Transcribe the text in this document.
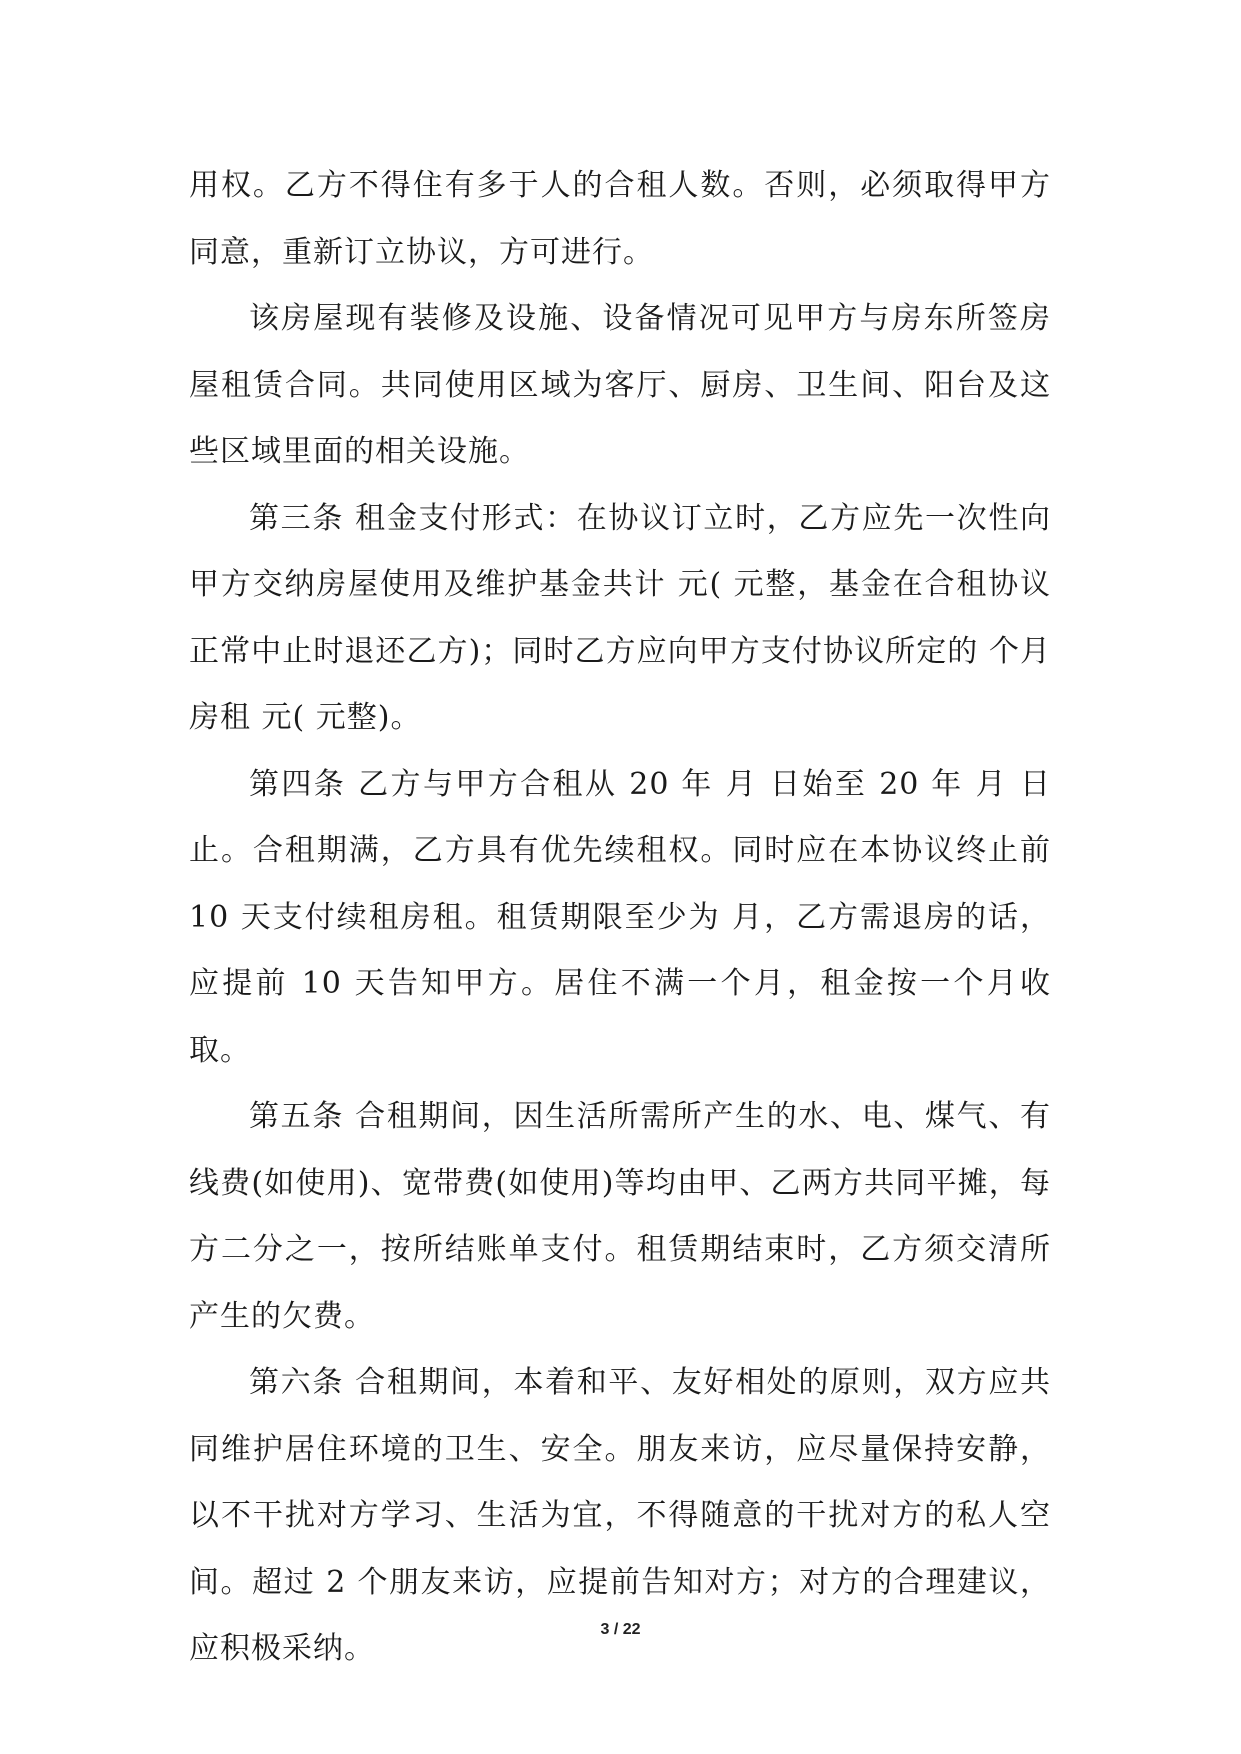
用权。乙方不得住有多于人的合租人数。否则，必须取得甲方同意，重新订立协议，方可进行。

该房屋现有装修及设施、设备情况可见甲方与房东所签房屋租赁合同。共同使用区域为客厅、厨房、卫生间、阳台及这些区域里面的相关设施。

第三条 租金支付形式：在协议订立时，乙方应先一次性向甲方交纳房屋使用及维护基金共计 元( 元整，基金在合租协议正常中止时退还乙方)；同时乙方应向甲方支付协议所定的 个月房租 元( 元整)。

第四条 乙方与甲方合租从 20 年 月 日始至 20 年 月 日止。合租期满，乙方具有优先续租权。同时应在本协议终止前 10 天支付续租房租。租赁期限至少为 月，乙方需退房的话，应提前 10 天告知甲方。居住不满一个月，租金按一个月收取。

第五条 合租期间，因生活所需所产生的水、电、煤气、有线费(如使用)、宽带费(如使用)等均由甲、乙两方共同平摊，每方二分之一，按所结账单支付。租赁期结束时，乙方须交清所产生的欠费。

第六条 合租期间，本着和平、友好相处的原则，双方应共同维护居住环境的卫生、安全。朋友来访，应尽量保持安静，以不干扰对方学习、生活为宜，不得随意的干扰对方的私人空间。超过 2 个朋友来访，应提前告知对方；对方的合理建议，应积极采纳。

3 / 22
